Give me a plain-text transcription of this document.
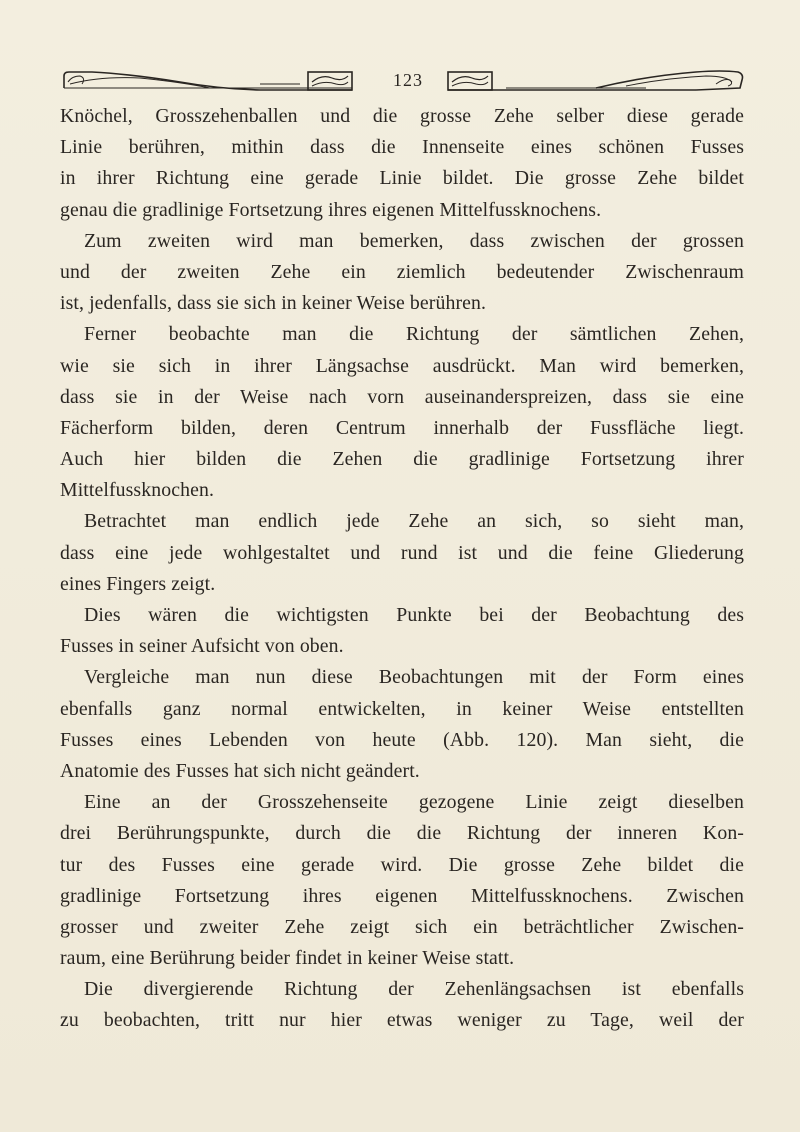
123
Knöchel, Grosszehenballen und die grosse Zehe selber diese gerade
Linie berühren, mithin dass die Innenseite eines schönen Fusses
in ihrer Richtung eine gerade Linie bildet. Die grosse Zehe bildet
genau die gradlinige Fortsetzung ihres eigenen Mittelfussknochens.
Zum zweiten wird man bemerken, dass zwischen der grossen
und der zweiten Zehe ein ziemlich bedeutender Zwischenraum
ist, jedenfalls, dass sie sich in keiner Weise berühren.
Ferner beobachte man die Richtung der sämtlichen Zehen,
wie sie sich in ihrer Längsachse ausdrückt. Man wird bemerken,
dass sie in der Weise nach vorn auseinanderspreizen, dass sie eine
Fächerform bilden, deren Centrum innerhalb der Fussfläche liegt.
Auch hier bilden die Zehen die gradlinige Fortsetzung ihrer
Mittelfussknochen.
Betrachtet man endlich jede Zehe an sich, so sieht man,
dass eine jede wohlgestaltet und rund ist und die feine Gliederung
eines Fingers zeigt.
Dies wären die wichtigsten Punkte bei der Beobachtung des
Fusses in seiner Aufsicht von oben.
Vergleiche man nun diese Beobachtungen mit der Form eines
ebenfalls ganz normal entwickelten, in keiner Weise entstellten
Fusses eines Lebenden von heute (Abb. 120). Man sieht, die
Anatomie des Fusses hat sich nicht geändert.
Eine an der Grosszehenseite gezogene Linie zeigt dieselben
drei Berührungspunkte, durch die die Richtung der inneren Kon-
tur des Fusses eine gerade wird. Die grosse Zehe bildet die
gradlinige Fortsetzung ihres eigenen Mittelfussknochens. Zwischen
grosser und zweiter Zehe zeigt sich ein beträchtlicher Zwischen-
raum, eine Berührung beider findet in keiner Weise statt.
Die divergierende Richtung der Zehenlängsachsen ist ebenfalls
zu beobachten, tritt nur hier etwas weniger zu Tage, weil der
